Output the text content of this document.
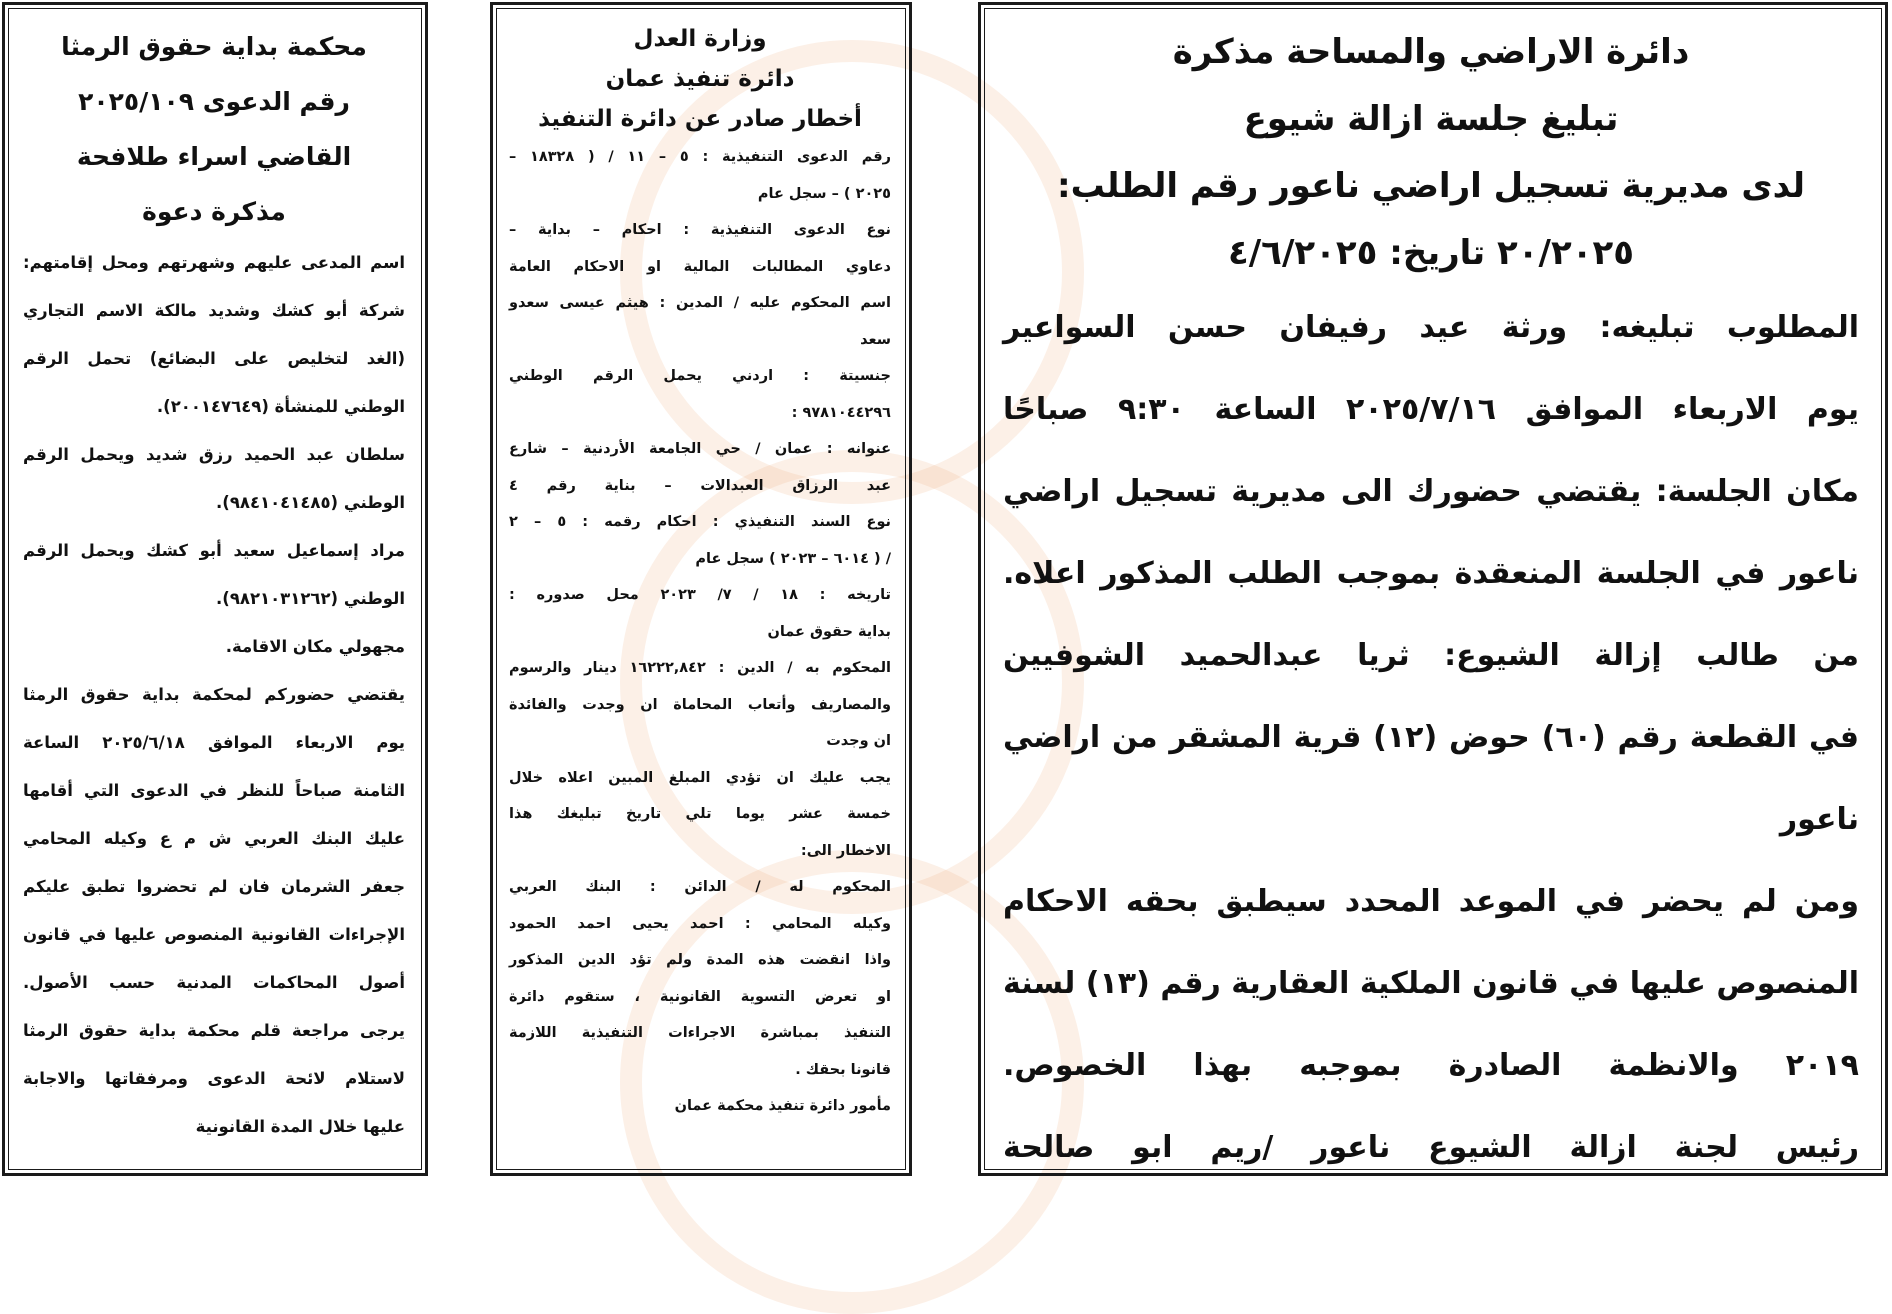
محكمة بداية حقوق الرمثا
رقم الدعوى ٢٠٢٥/١٠٩
القاضي اسراء طلافحة
مذكرة دعوة
اسم المدعى عليهم وشهرتهم ومحل إقامتهم:
شركة أبو كشك وشديد مالكة الاسم التجاري
(الغد لتخليص على البضائع) تحمل الرقم
الوطني للمنشأة (٢٠٠١٤٧٦٤٩).
سلطان عبد الحميد رزق شديد ويحمل الرقم
الوطني (٩٨٤١٠٤١٤٨٥).
مراد إسماعيل سعيد أبو كشك ويحمل الرقم
الوطني (٩٨٢١٠٣١٢٦٢).
مجهولي مكان الاقامة.
يقتضي حضوركم لمحكمة بداية حقوق الرمثا
يوم الاربعاء الموافق ٢٠٢٥/٦/١٨ الساعة
الثامنة صباحاً للنظر في الدعوى التي أقامها
عليك البنك العربي ش م ع وكيله المحامي
جعفر الشرمان فان لم تحضروا تطبق عليكم
الإجراءات القانونية المنصوص عليها في قانون
أصول المحاكمات المدنية حسب الأصول.
يرجى مراجعة قلم محكمة بداية حقوق الرمثا
لاستلام لائحة الدعوى ومرفقاتها والاجابة
عليها خلال المدة القانونية
وزارة العدل
دائرة تنفيذ عمان
أخطار صادر عن دائرة التنفيذ
رقم الدعوى التنفيذية : ٥ – ١١ / ( ١٨٣٢٨ –
٢٠٢٥ ) – سجل عام
نوع الدعوى التنفيذية : احكام – بداية –
دعاوي المطالبات المالية او الاحكام العامة
اسم المحكوم عليه / المدين : هيثم عيسى سعدو
سعد
جنسيتة : اردني يحمل الرقم الوطني
٩٧٨١٠٤٤٢٩٦ :
عنوانه : عمان / حي الجامعة الأردنية – شارع
عبد الرزاق العبدالات – بناية رقم ٤
نوع السند التنفيذي : احكام رقمه : ٥ – ٢
/ ( ٦٠١٤ – ٢٠٢٣ ) سجل عام
تاريخه : ١٨ / ٧/ ٢٠٢٣ محل صدوره :
بداية حقوق عمان
المحكوم به / الدين : ١٦٢٢٢,٨٤٢ دينار والرسوم
والمصاريف وأتعاب المحاماة ان وجدت والفائدة
ان وجدت
يجب عليك ان تؤدي المبلغ المبين اعلاه خلال
خمسة عشر يوما تلي تاريخ تبليغك هذا
الاخطار الى:
المحكوم له / الدائن : البنك العربي
وكيله المحامي : احمد يحيى احمد الحمود
واذا انقضت هذه المدة ولم تؤد الدين المذكور
او تعرض التسوية القانونية ، ستقوم دائرة
التنفيذ بمباشرة الاجراءات التنفيذية اللازمة
قانونا بحقك .
مأمور دائرة تنفيذ محكمة عمان
دائرة الاراضي والمساحة مذكرة
تبليغ جلسة ازالة شيوع
لدى مديرية تسجيل اراضي ناعور رقم الطلب:
٢٠/٢٠٢٥ تاريخ: ٤/٦/٢٠٢٥
المطلوب تبليغه: ورثة عيد رفيفان حسن السواعير
يوم الاربعاء الموافق ٢٠٢٥/٧/١٦ الساعة ٩:٣٠ صباحًا
مكان الجلسة: يقتضي حضورك الى مديرية تسجيل اراضي
ناعور في الجلسة المنعقدة بموجب الطلب المذكور اعلاه.
من طالب إزالة الشيوع: ثريا عبدالحميد الشوفيين
في القطعة رقم (٦٠) حوض (١٢) قرية المشقر من اراضي
ناعور
ومن لم يحضر في الموعد المحدد سيطبق بحقه الاحكام
المنصوص عليها في قانون الملكية العقارية رقم (١٣) لسنة
٢٠١٩ والانظمة الصادرة بموجبه بهذا الخصوص.
رئيس لجنة ازالة الشيوع ناعور /ريم ابو صالحة
